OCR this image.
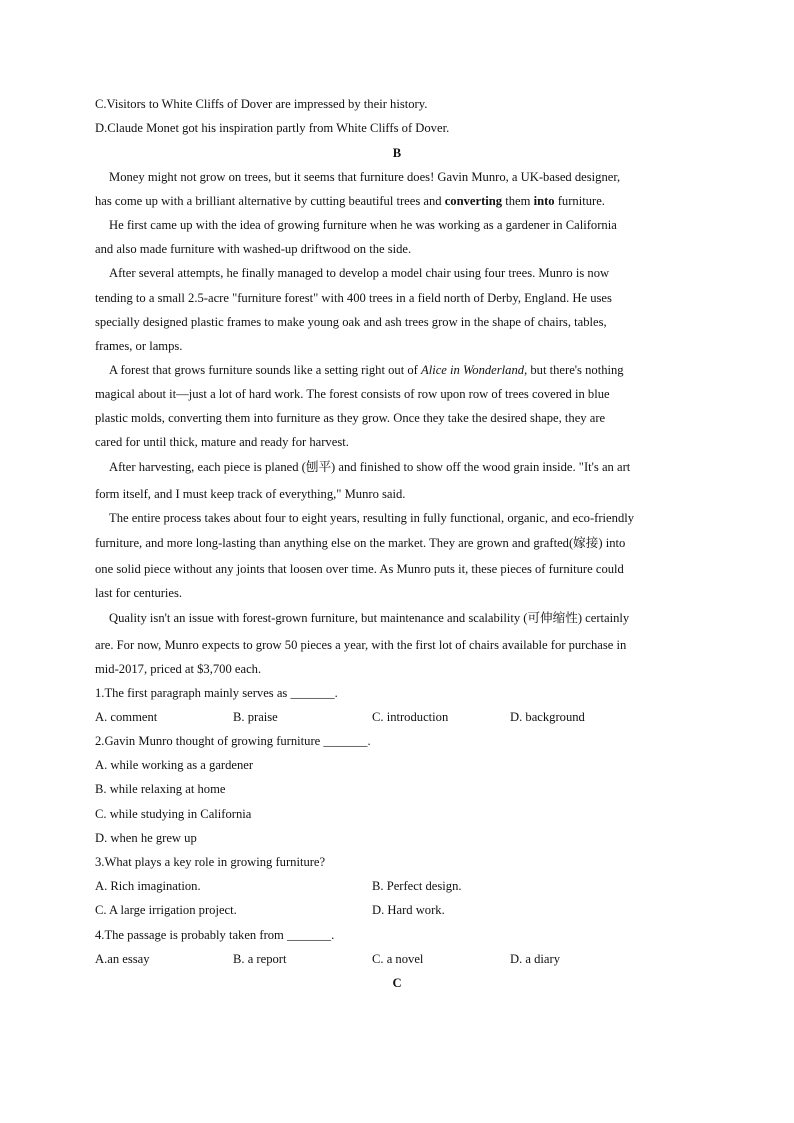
C.Visitors to White Cliffs of Dover are impressed by their history.
D.Claude Monet got his inspiration partly from White Cliffs of Dover.
B
Money might not grow on trees, but it seems that furniture does! Gavin Munro, a UK-based designer,
has come up with a brilliant alternative by cutting beautiful trees and converting them into furniture.
He first came up with the idea of growing furniture when he was working as a gardener in California
and also made furniture with washed-up driftwood on the side.
After several attempts, he finally managed to develop a model chair using four trees. Munro is now
tending to a small 2.5-acre "furniture forest" with 400 trees in a field north of Derby, England. He uses
specially designed plastic frames to make young oak and ash trees grow in the shape of chairs, tables,
frames, or lamps.
A forest that grows furniture sounds like a setting right out of Alice in Wonderland, but there's nothing
magical about it—just a lot of hard work. The forest consists of row upon row of trees covered in blue
plastic molds, converting them into furniture as they grow. Once they take the desired shape, they are
cared for until thick, mature and ready for harvest.
After harvesting, each piece is planed (刨平) and finished to show off the wood grain inside. "It's an art
form itself, and I must keep track of everything," Munro said.
The entire process takes about four to eight years, resulting in fully functional, organic, and eco-friendly
furniture, and more long-lasting than anything else on the market. They are grown and grafted(嫁接) into
one solid piece without any joints that loosen over time. As Munro puts it, these pieces of furniture could
last for centuries.
Quality isn't an issue with forest-grown furniture, but maintenance and scalability (可伸缩性) certainly
are. For now, Munro expects to grow 50 pieces a year, with the first lot of chairs available for purchase in
mid-2017, priced at $3,700 each.
1.The first paragraph mainly serves as _______.
A. comment	B. praise	C. introduction	D. background
2.Gavin Munro thought of growing furniture _______.
A. while working as a gardener
B. while relaxing at home
C. while studying in California
D. when he grew up
3.What plays a key role in growing furniture?
A. Rich imagination.	B. Perfect design.
C. A large irrigation project.	D. Hard work.
4.The passage is probably taken from _______.
A.an essay	B. a report	C. a novel	D. a diary
C
